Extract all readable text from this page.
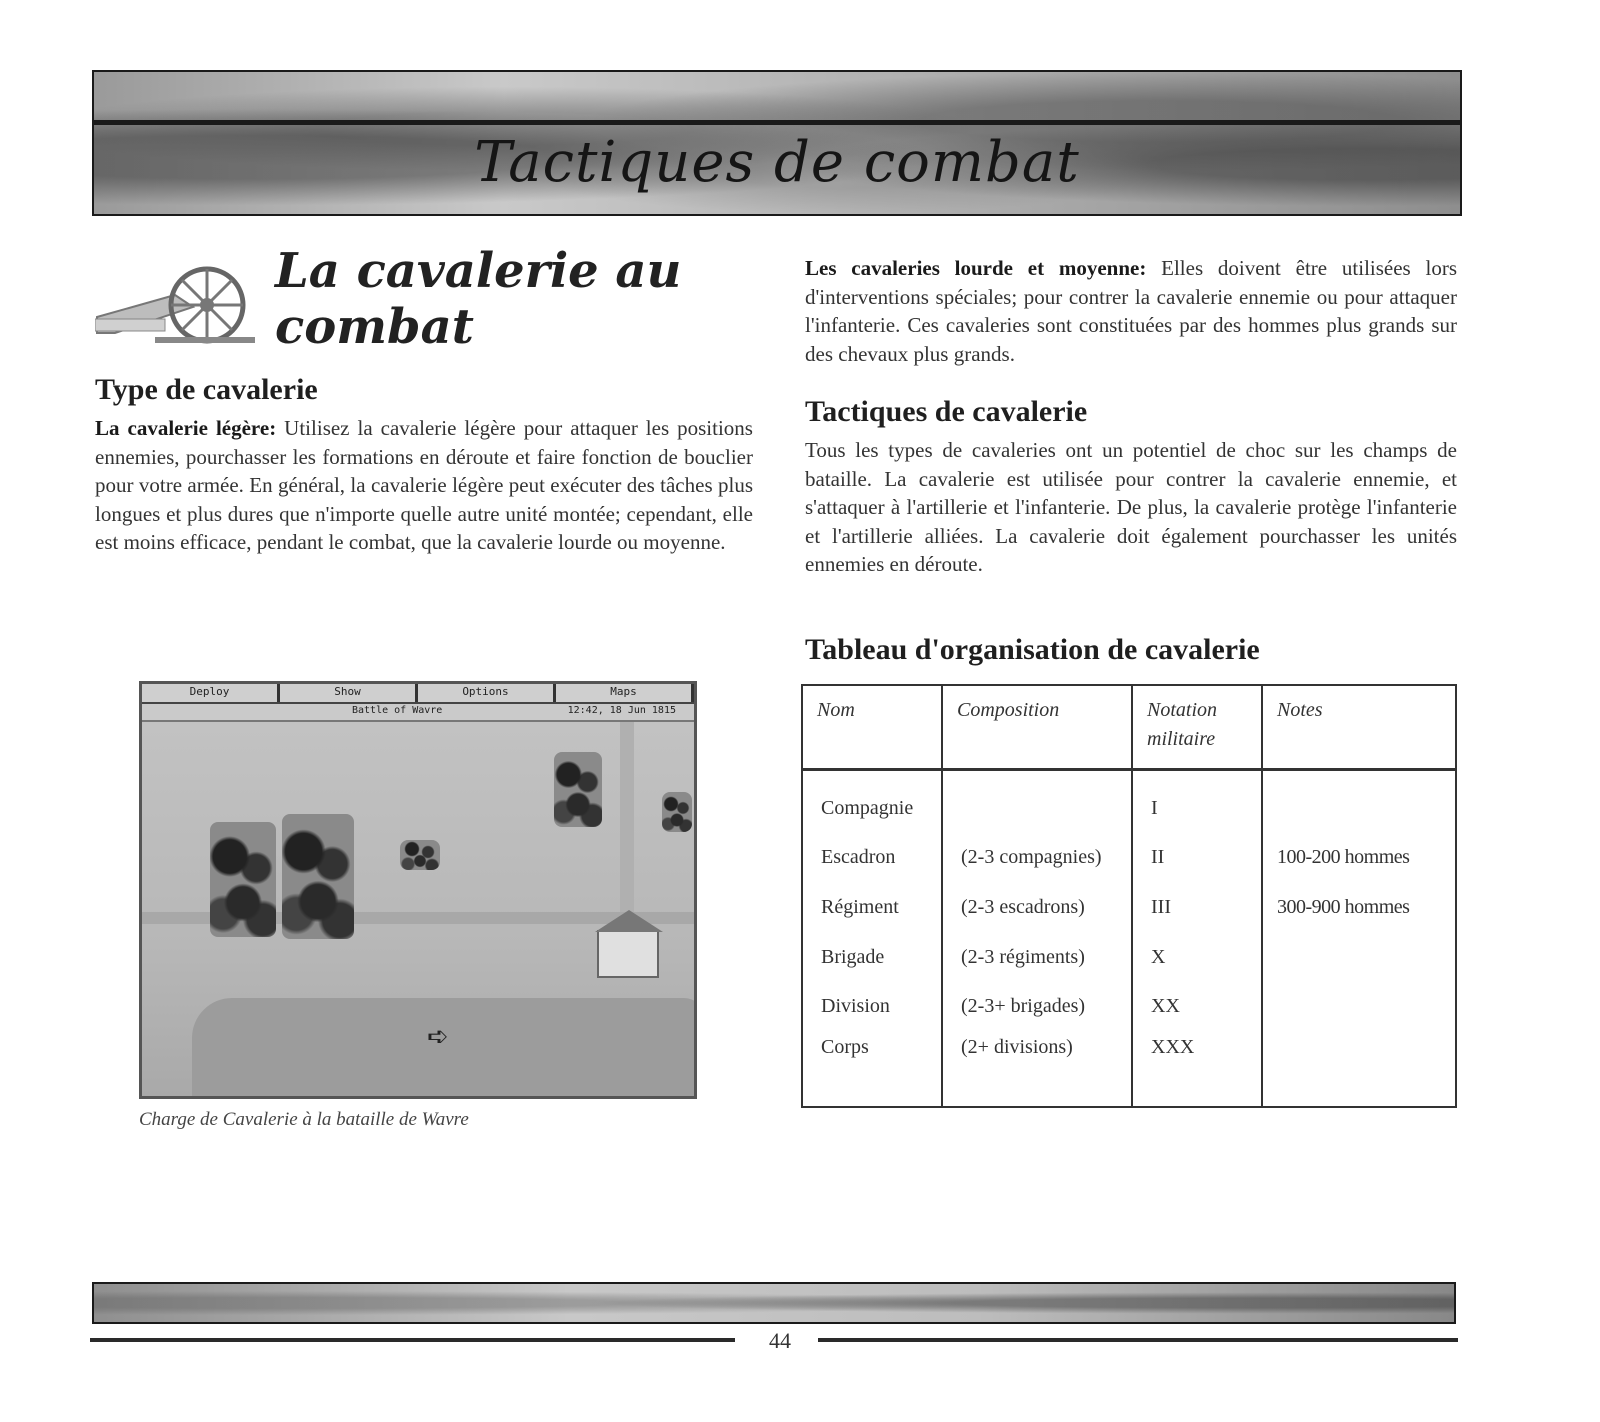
Tactiques de combat
La cavalerie au combat
Type de cavalerie

La cavalerie légère: Utilisez la cavalerie légère pour attaquer les positions ennemies, pourchasser les formations en déroute et faire fonction de bouclier pour votre armée. En général, la cavalerie légère peut exécuter des tâches plus longues et plus dures que n'importe quelle autre unité montée; cependant, elle est moins efficace, pendant le combat, que la cavalerie lourde ou moyenne.

Deploy	Show	Options	Maps
Battle of Wavre	12:42, 18 Jun 1815
➪
Charge de Cavalerie à la bataille de Wavre

Les cavaleries lourde et moyenne: Elles doivent être utilisées lors d'interventions spéciales; pour contrer la cavalerie ennemie ou pour attaquer l'infanterie. Ces cavaleries sont constituées par des hommes plus grands sur des chevaux plus grands.

Tactiques de cavalerie

Tous les types de cavaleries ont un potentiel de choc sur les champs de bataille. La cavalerie est utilisée pour contrer la cavalerie ennemie, et s'attaquer à l'artillerie et l'infanterie. De plus, la cavalerie protège l'infanterie et l'artillerie alliées. La cavalerie doit également pourchasser les unités ennemies en déroute.

Tableau d'organisation de cavalerie
Nom	Composition	Notation militaire	Notes
Compagnie		I	
Escadron	(2-3 compagnies)	II	100-200 hommes
Régiment	(2-3 escadrons)	III	300-900 hommes
Brigade	(2-3 régiments)	X	
Division	(2-3+ brigades)	XX	
Corps	(2+ divisions)	XXX	
44
